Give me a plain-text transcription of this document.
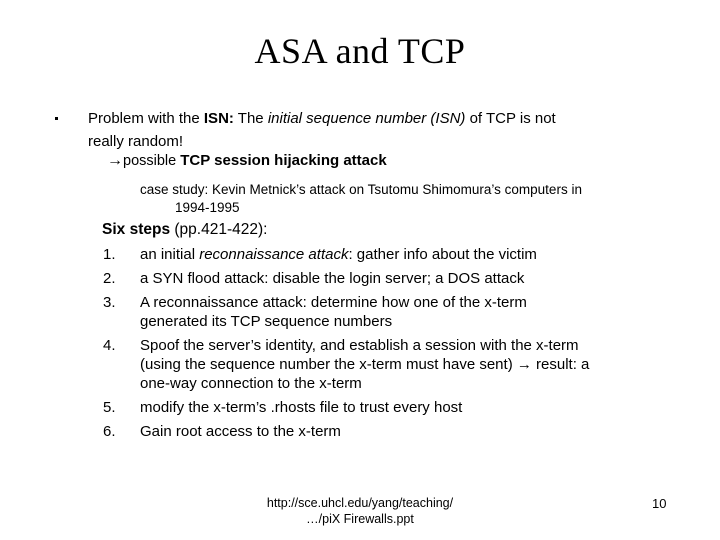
ASA and TCP
Problem with the ISN: The initial sequence number (ISN) of TCP is not
really random!
→possible TCP session hijacking attack
case study: Kevin Metnick’s attack on Tsutomu Shimomura’s computers in
1994-1995
Six steps (pp.421-422):
1.	an initial reconnaissance attack: gather info about the victim
2.	a SYN flood attack: disable the login server; a DOS attack
3.	A reconnaissance attack: determine how one of the x-term
generated its TCP sequence numbers
4.	Spoof the server’s identity, and establish a session with the x-term
(using the sequence number the x-term must have sent) → result: a
one-way connection to the x-term
5.	modify the x-term’s .rhosts file to trust every host
6.	Gain root access to the x-term
http://sce.uhcl.edu/yang/teaching/
…/piX Firewalls.ppt
10
